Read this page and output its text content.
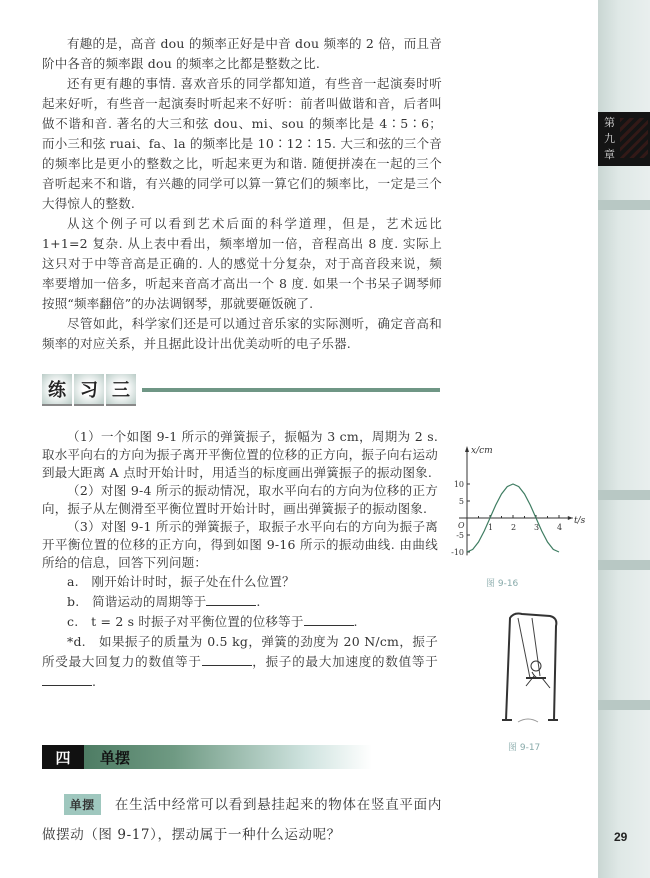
第
九
章
29

有趣的是，高音 dou 的频率正好是中音 dou 频率的 2 倍，而且音阶中各音的频率跟 dou 的频率之比都是整数之比.

还有更有趣的事情. 喜欢音乐的同学都知道，有些音一起演奏时听起来好听，有些音一起演奏时听起来不好听：前者叫做谐和音，后者叫做不谐和音. 著名的大三和弦 dou、mi、sou 的频率比是 4∶5∶6；而小三和弦 ruai、fa、la 的频率比是 10∶12∶15. 大三和弦的三个音的频率比是更小的整数之比，听起来更为和谐. 随便拼凑在一起的三个音听起来不和谐，有兴趣的同学可以算一算它们的频率比，一定是三个大得惊人的整数.

从这个例子可以看到艺术后面的科学道理，但是，艺术远比 1+1=2 复杂. 从上表中看出，频率增加一倍，音程高出 8 度. 实际上这只对于中等音高是正确的. 人的感觉十分复杂，对于高音段来说，频率要增加一倍多，听起来音高才高出一个 8 度. 如果一个书呆子调琴师按照“频率翻倍”的办法调钢琴，那就要砸饭碗了.

尽管如此，科学家们还是可以通过音乐家的实际测听，确定音高和频率的对应关系，并且据此设计出优美动听的电子乐器.

练 习 三

（1）一个如图 9-1 所示的弹簧振子，振幅为 3 cm，周期为 2 s. 取水平向右的方向为振子离开平衡位置的位移的正方向，振子向右运动到最大距离 A 点时开始计时，用适当的标度画出弹簧振子的振动图象.

（2）对图 9-4 所示的振动情况，取水平向右的方向为位移的正方向，振子从左侧滑至平衡位置时开始计时，画出弹簧振子的振动图象.

（3）对图 9-1 所示的弹簧振子，取振子水平向右的方向为振子离开平衡位置的位移的正方向，得到如图 9-16 所示的振动曲线. 由曲线所给的信息，回答下列问题：

a.　刚开始计时时，振子处在什么位置？

b.　简谐运动的周期等于	.

c.　t = 2 s 时振子对平衡位置的位移等于	.

*d.　如果振子的质量为 0.5 kg，弹簧的劲度为 20 N/cm，振子所受最大回复力的数值等于	，振子的最大加速度的数值等于.

x/cm
t/s
O	1 2 3 4
10
5
-5
-10
图 9-16
图 9-17
四	单摆

单摆 在生活中经常可以看到悬挂起来的物体在竖直平面内做摆动（图 9-17），摆动属于一种什么运动呢？
